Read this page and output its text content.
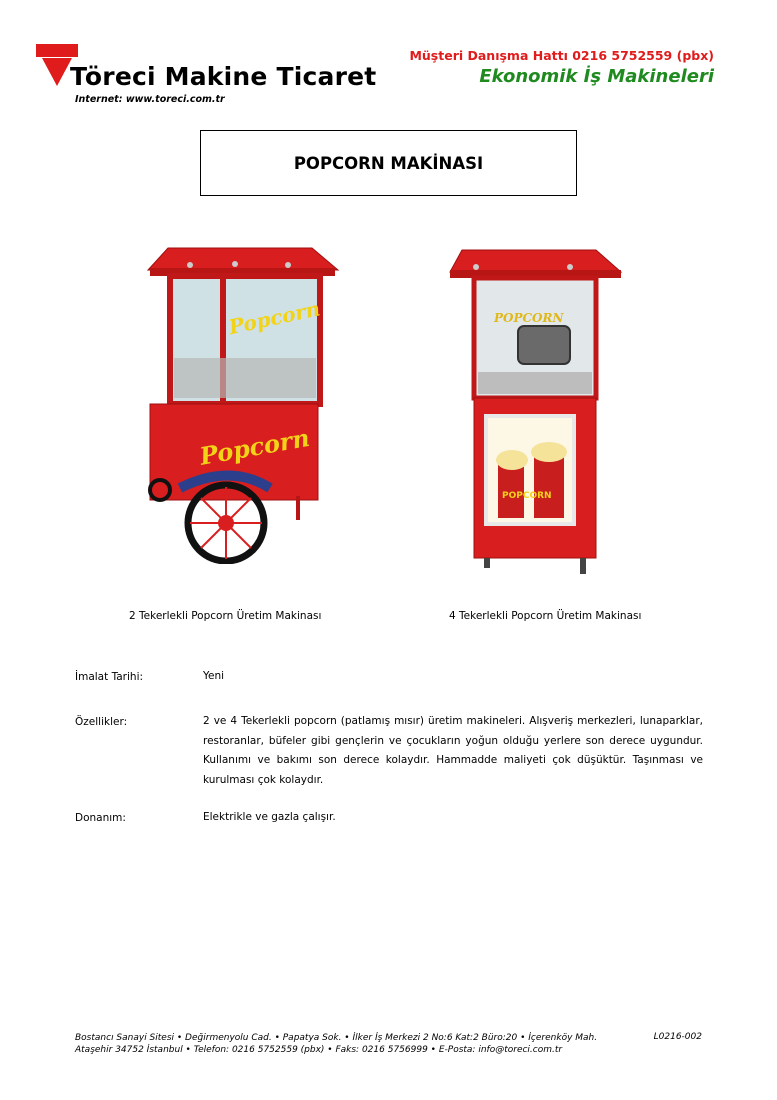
Töreci Makine Ticaret
Internet: www.toreci.com.tr
Müşteri Danışma Hattı 0216 5752559 (pbx)
Ekonomik İş Makineleri
POPCORN MAKİNASI
Popcorn
Popcorn
POPCORN
POPCORN
2 Tekerlekli Popcorn Üretim Makinası	4 Tekerlekli Popcorn Üretim Makinası
İmalat Tarihi:	Yeni
Özellikler:	2 ve 4 Tekerlekli popcorn (patlamış mısır) üretim makineleri. Alışveriş merkezleri, lunaparklar, restoranlar, büfeler gibi gençlerin ve çocukların yoğun olduğu yerlere son derece uygundur. Kullanımı ve bakımı son derece kolaydır. Hammadde maliyeti çok düşüktür. Taşınması ve kurulması çok kolaydır.
Donanım:	Elektrikle ve gazla çalışır.
Bostancı Sanayi Sitesi • Değirmenyolu Cad. • Papatya Sok. • İlker İş Merkezi 2 No:6 Kat:2 Büro:20 • İçerenköy Mah.
Ataşehir 34752 İstanbul • Telefon: 0216 5752559 (pbx) • Faks: 0216 5756999 • E-Posta: info@toreci.com.tr
L0216-002
